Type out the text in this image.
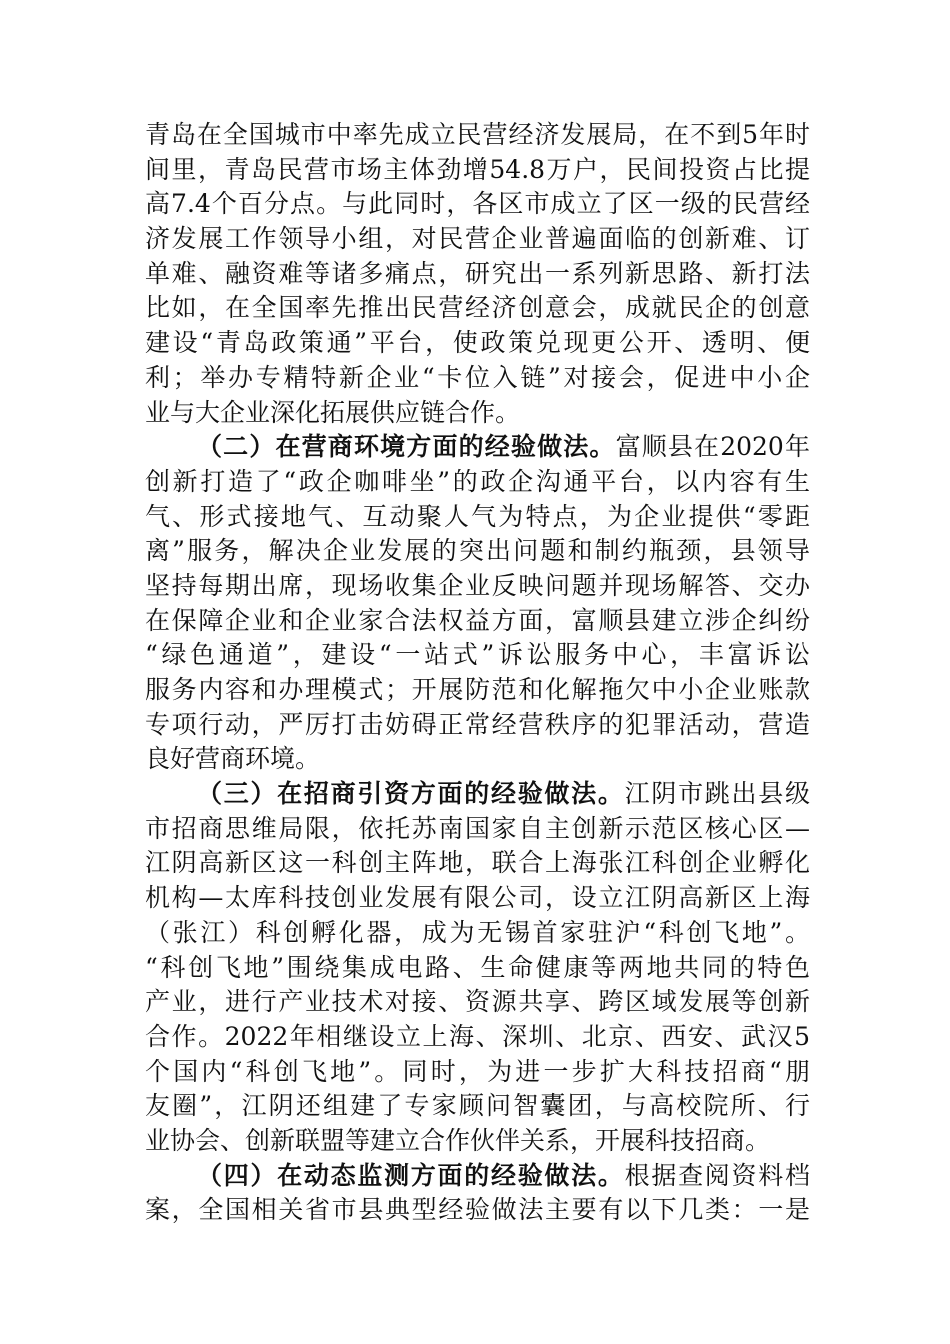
青岛在全国城市中率先成立民营经济发展局，在不到5年时
间里，青岛民营市场主体劲增54.8万户，民间投资占比提
高7.4个百分点。与此同时，各区市成立了区一级的民营经
济发展工作领导小组，对民营企业普遍面临的创新难、订
单难、融资难等诸多痛点，研究出一系列新思路、新打法
比如，在全国率先推出民营经济创意会，成就民企的创意
建设“青岛政策通”平台，使政策兑现更公开、透明、便
利；举办专精特新企业“卡位入链”对接会，促进中小企
业与大企业深化拓展供应链合作。
（二）在营商环境方面的经验做法。富顺县在2020年
创新打造了“政企咖啡坐”的政企沟通平台，以内容有生
气、形式接地气、互动聚人气为特点，为企业提供“零距
离”服务，解决企业发展的突出问题和制约瓶颈，县领导
坚持每期出席，现场收集企业反映问题并现场解答、交办
在保障企业和企业家合法权益方面，富顺县建立涉企纠纷
“绿色通道”，建设“一站式”诉讼服务中心，丰富诉讼
服务内容和办理模式；开展防范和化解拖欠中小企业账款
专项行动，严厉打击妨碍正常经营秩序的犯罪活动，营造
良好营商环境。
（三）在招商引资方面的经验做法。江阴市跳出县级
市招商思维局限，依托苏南国家自主创新示范区核心区—
江阴高新区这一科创主阵地，联合上海张江科创企业孵化
机构—太库科技创业发展有限公司，设立江阴高新区上海
（张江）科创孵化器，成为无锡首家驻沪“科创飞地”。
“科创飞地”围绕集成电路、生命健康等两地共同的特色
产业，进行产业技术对接、资源共享、跨区域发展等创新
合作。2022年相继设立上海、深圳、北京、西安、武汉5
个国内“科创飞地”。同时，为进一步扩大科技招商“朋
友圈”，江阴还组建了专家顾问智囊团，与高校院所、行
业协会、创新联盟等建立合作伙伴关系，开展科技招商。
（四）在动态监测方面的经验做法。根据查阅资料档
案，全国相关省市县典型经验做法主要有以下几类：一是
